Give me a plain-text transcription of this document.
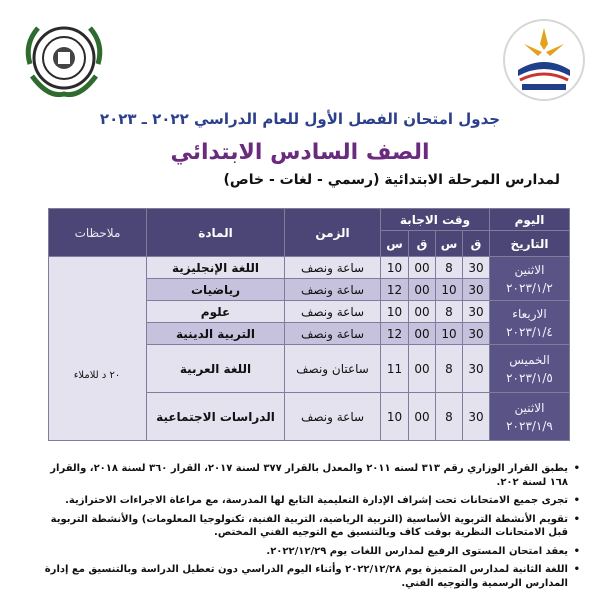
جدول امتحان الفصل الأول للعام الدراسي ٢٠٢٢ ـ ٢٠٢٣
الصف السادس الابتدائي
لمدارس المرحلة الابتدائية (رسمي - لغات - خاص)
اليوم	وقت الاجابة				الزمن	المادة	ملاحظات
التاريخ	ق	س	ق	س			

الاثنين
٢٠٢٣/١/٢	30	8	00	10	ساعة ونصف	اللغة الإنجليزية	
	30	10	00	12	ساعة ونصف	رياضيات	

الاربعاء
٢٠٢٣/١/٤	30	8	00	10	ساعة ونصف	علوم	
	30	10	00	12	ساعة ونصف	التربية الدينية	

الخميس
٢٠٢٣/١/٥	30	8	00	11	ساعتان ونصف	اللغة العربية	

الاثنين
٢٠٢٣/١/٩	30	8	00	10	ساعة ونصف	الدراسات الاجتماعية	
٢٠ د للاملاء
• يطبق القرار الوزاري رقم ٣١٣ لسنه ٢٠١١ والمعدل بالقرار ٣٧٧ لسنة ٢٠١٧، القرار ٣٦٠ لسنة ٢٠١٨، والقرار ١٦٨ لسنة ٢٠٢.
• تجرى جميع الامتحانات تحت إشراف الإدارة التعليمية التابع لها المدرسة، مع مراعاة الاجراءات الاحترازية.
• تقويم الأنشطة التربوية الأساسية (التربية الرياضية، التربية الفنية، تكنولوجيا المعلومات) والأنشطة التربوية قبل الامتحانات النظرية بوقت كاف وبالتنسيق مع التوجيه الفني المختص.
• يعقد امتحان المستوى الرفيع لمدارس اللغات يوم ٢٠٢٢/١٢/٢٩.
• اللغة الثانية لمدارس المتميزة يوم ٢٠٢٢/١٢/٢٨ وأثناء اليوم الدراسي دون تعطيل الدراسة وبالتنسيق مع إدارة المدارس الرسمية والتوجيه الفني.
